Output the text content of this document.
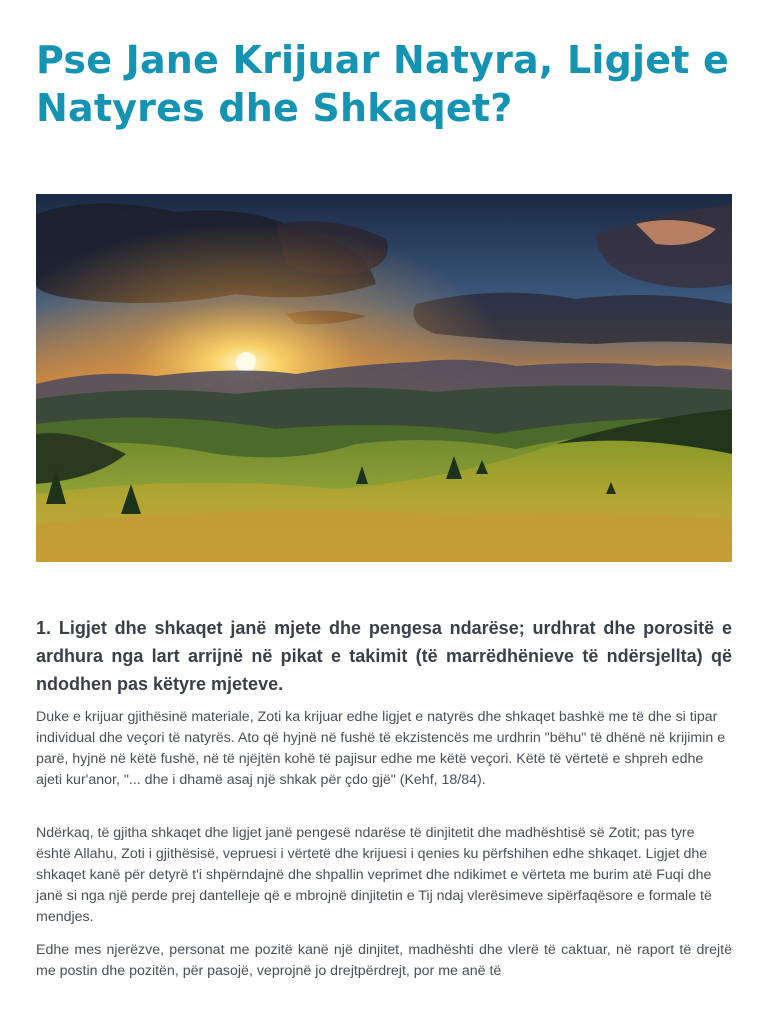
Pse Jane Krijuar Natyra, Ligjet e Natyres dhe Shkaqet?
1. Ligjet dhe shkaqet janë mjete dhe pengesa ndarëse; urdhrat dhe porositë e ardhura nga lart arrijnë në pikat e takimit (të marrëdhënieve të ndërsjellta) që ndodhen pas këtyre mjeteve.

Duke e krijuar gjithësinë materiale, Zoti ka krijuar edhe ligjet e natyrës dhe shkaqet bashkë me të dhe si tipar individual dhe veçori të natyrës. Ato që hyjnë në fushë të ekzistencës me urdhrin "bëhu" të dhënë në krijimin e parë, hyjnë në këtë fushë, në të njëjtën kohë të pajisur edhe me këtë veçori. Këtë të vërtetë e shpreh edhe ajeti kur'anor, "... dhe i dhamë asaj një shkak për çdo gjë" (Kehf, 18/84).

Ndërkaq, të gjitha shkaqet dhe ligjet janë pengesë ndarëse të dinjitetit dhe madhështisë së Zotit; pas tyre është Allahu, Zoti i gjithësisë, vepruesi i vërtetë dhe krijuesi i qenies ku përfshihen edhe shkaqet. Ligjet dhe shkaqet kanë për detyrë t'i shpërndajnë dhe shpallin veprimet dhe ndikimet e vërteta me burim atë Fuqi dhe janë si nga një perde prej dantelleje që e mbrojnë dinjitetin e Tij ndaj vlerësimeve sipërfaqësore e formale të mendjes.

Edhe mes njerëzve, personat me pozitë kanë një dinjitet, madhështi dhe vlerë të caktuar, në raport të drejtë me postin dhe pozitën, për pasojë, veprojnë jo drejtpërdrejt, por me anë të
